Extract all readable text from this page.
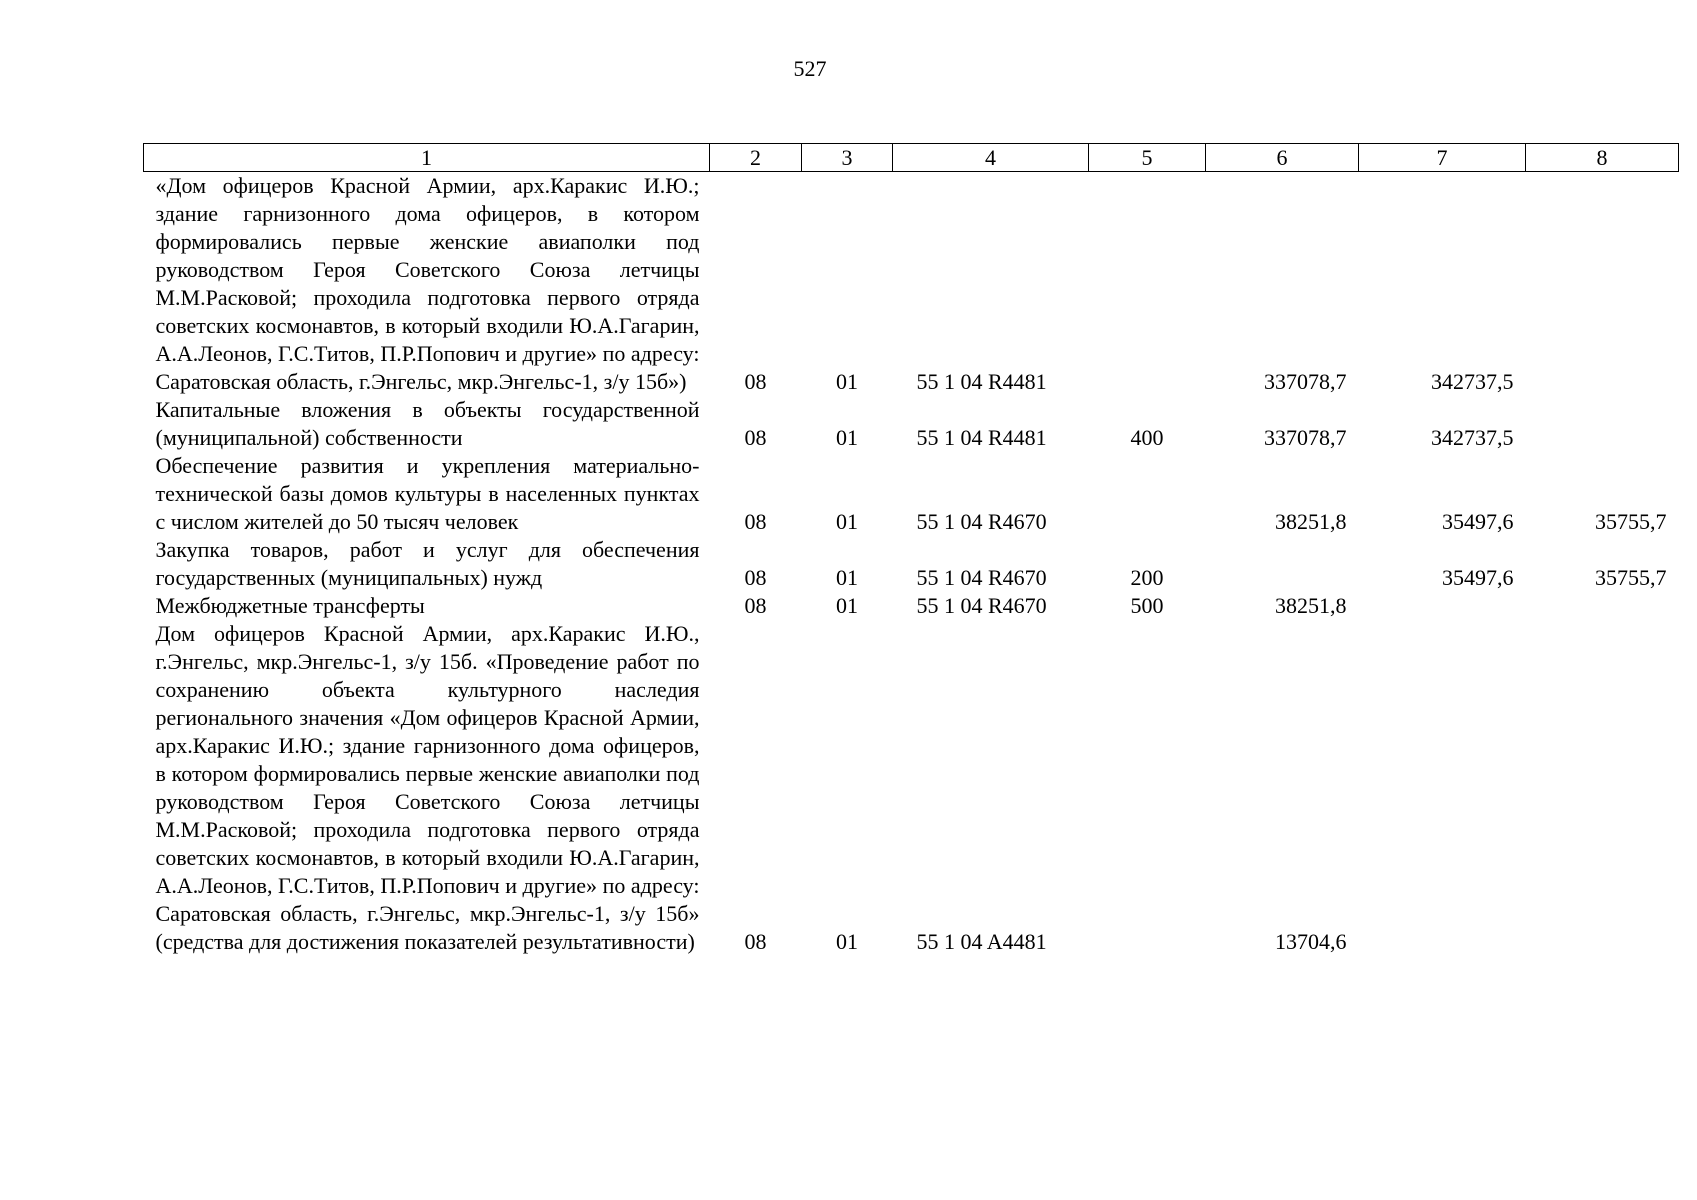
527
1	2	3	4	5	6	7	8
«Дом офицеров Красной Армии, арх.Каракис И.Ю.; здание гарнизонного дома офицеров, в котором формировались первые женские авиаполки под руководством Героя Советского Союза летчицы М.М.Расковой; проходила подготовка первого отряда советских космонавтов, в который входили Ю.А.Гагарин, А.А.Леонов, Г.С.Титов, П.Р.Попович и другие» по адресу: Саратовская область, г.Энгельс, мкр.Энгельс-1, з/у 15б»)	08	01	55 1 04 R4481		337078,7	342737,5	
Капитальные вложения в объекты государственной (муниципальной) собственности	08	01	55 1 04 R4481	400	337078,7	342737,5	
Обеспечение развития и укрепления материально-технической базы домов культуры в населенных пунктах с числом жителей до 50 тысяч человек	08	01	55 1 04 R4670		38251,8	35497,6	35755,7
Закупка товаров, работ и услуг для обеспечения государственных (муниципальных) нужд	08	01	55 1 04 R4670	200		35497,6	35755,7
Межбюджетные трансферты	08	01	55 1 04 R4670	500	38251,8		
Дом офицеров Красной Армии, арх.Каракис И.Ю., г.Энгельс, мкр.Энгельс-1, з/у 15б. «Проведение работ по сохранению объекта культурного наследия регионального значения «Дом офицеров Красной Армии, арх.Каракис И.Ю.; здание гарнизонного дома офицеров, в котором формировались первые женские авиаполки под руководством Героя Советского Союза летчицы М.М.Расковой; проходила подготовка первого отряда советских космонавтов, в который входили Ю.А.Гагарин, А.А.Леонов, Г.С.Титов, П.Р.Попович и другие» по адресу: Саратовская область, г.Энгельс, мкр.Энгельс-1, з/у 15б» (средства для достижения показателей результативности)	08	01	55 1 04 A4481		13704,6		
